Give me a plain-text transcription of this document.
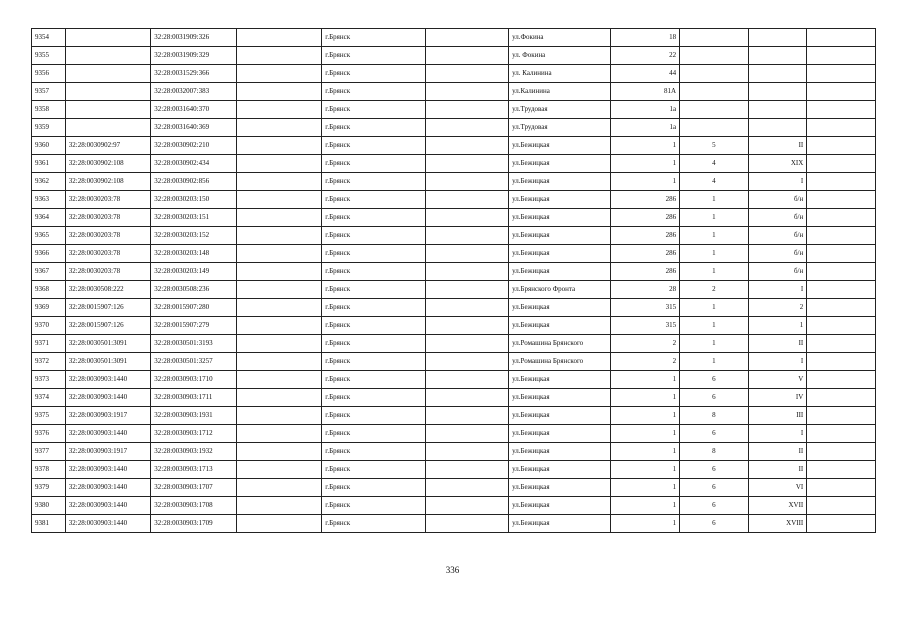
9354		32:28:0031909:326		г.Брянск		ул.Фокина	18			
9355		32:28:0031909:329		г.Брянск		ул. Фокина	22			
9356		32:28:0031529:366		г.Брянск		ул. Калинина	44			
9357		32:28:0032007:383		г.Брянск		ул.Калинина	81А			
9358		32:28:0031640:370		г.Брянск		ул.Трудовая	1а			
9359		32:28:0031640:369		г.Брянск		ул.Трудовая	1а			
9360	32:28:0030902:97	32:28:0030902:210		г.Брянск		ул.Бежицкая	1	5	II	
9361	32:28:0030902:108	32:28:0030902:434		г.Брянск		ул.Бежицкая	1	4	XIX	
9362	32:28:0030902:108	32:28:0030902:856		г.Брянск		ул.Бежицкая	1	4	I	
9363	32:28:0030203:78	32:28:0030203:150		г.Брянск		ул.Бежицкая	286	1	б/н	
9364	32:28:0030203:78	32:28:0030203:151		г.Брянск		ул.Бежицкая	286	1	б/н	
9365	32:28:0030203:78	32:28:0030203:152		г.Брянск		ул.Бежицкая	286	1	б/н	
9366	32:28:0030203:78	32:28:0030203:148		г.Брянск		ул.Бежицкая	286	1	б/н	
9367	32:28:0030203:78	32:28:0030203:149		г.Брянск		ул.Бежицкая	286	1	б/н	
9368	32:28:0030508:222	32:28:0030508:236		г.Брянск		ул.Брянского Фронта	28	2	I	
9369	32:28:0015907:126	32:28:0015907:280		г.Брянск		ул.Бежицкая	315	1	2	
9370	32:28:0015907:126	32:28:0015907:279		г.Брянск		ул.Бежицкая	315	1	1	
9371	32:28:0030501:3091	32:28:0030501:3193		г.Брянск		ул.Ромашина Брянского	2	1	II	
9372	32:28:0030501:3091	32:28:0030501:3257		г.Брянск		ул.Ромашина Брянского	2	1	I	
9373	32:28:0030903:1440	32:28:0030903:1710		г.Брянск		ул.Бежицкая	1	6	V	
9374	32:28:0030903:1440	32:28:0030903:1711		г.Брянск		ул.Бежицкая	1	6	IV	
9375	32:28:0030903:1917	32:28:0030903:1931		г.Брянск		ул.Бежицкая	1	8	III	
9376	32:28:0030903:1440	32:28:0030903:1712		г.Брянск		ул.Бежицкая	1	6	I	
9377	32:28:0030903:1917	32:28:0030903:1932		г.Брянск		ул.Бежицкая	1	8	II	
9378	32:28:0030903:1440	32:28:0030903:1713		г.Брянск		ул.Бежицкая	1	6	II	
9379	32:28:0030903:1440	32:28:0030903:1707		г.Брянск		ул.Бежицкая	1	6	VI	
9380	32:28:0030903:1440	32:28:0030903:1708		г.Брянск		ул.Бежицкая	1	6	XVII	
9381	32:28:0030903:1440	32:28:0030903:1709		г.Брянск		ул.Бежицкая	1	6	XVIII	
336
